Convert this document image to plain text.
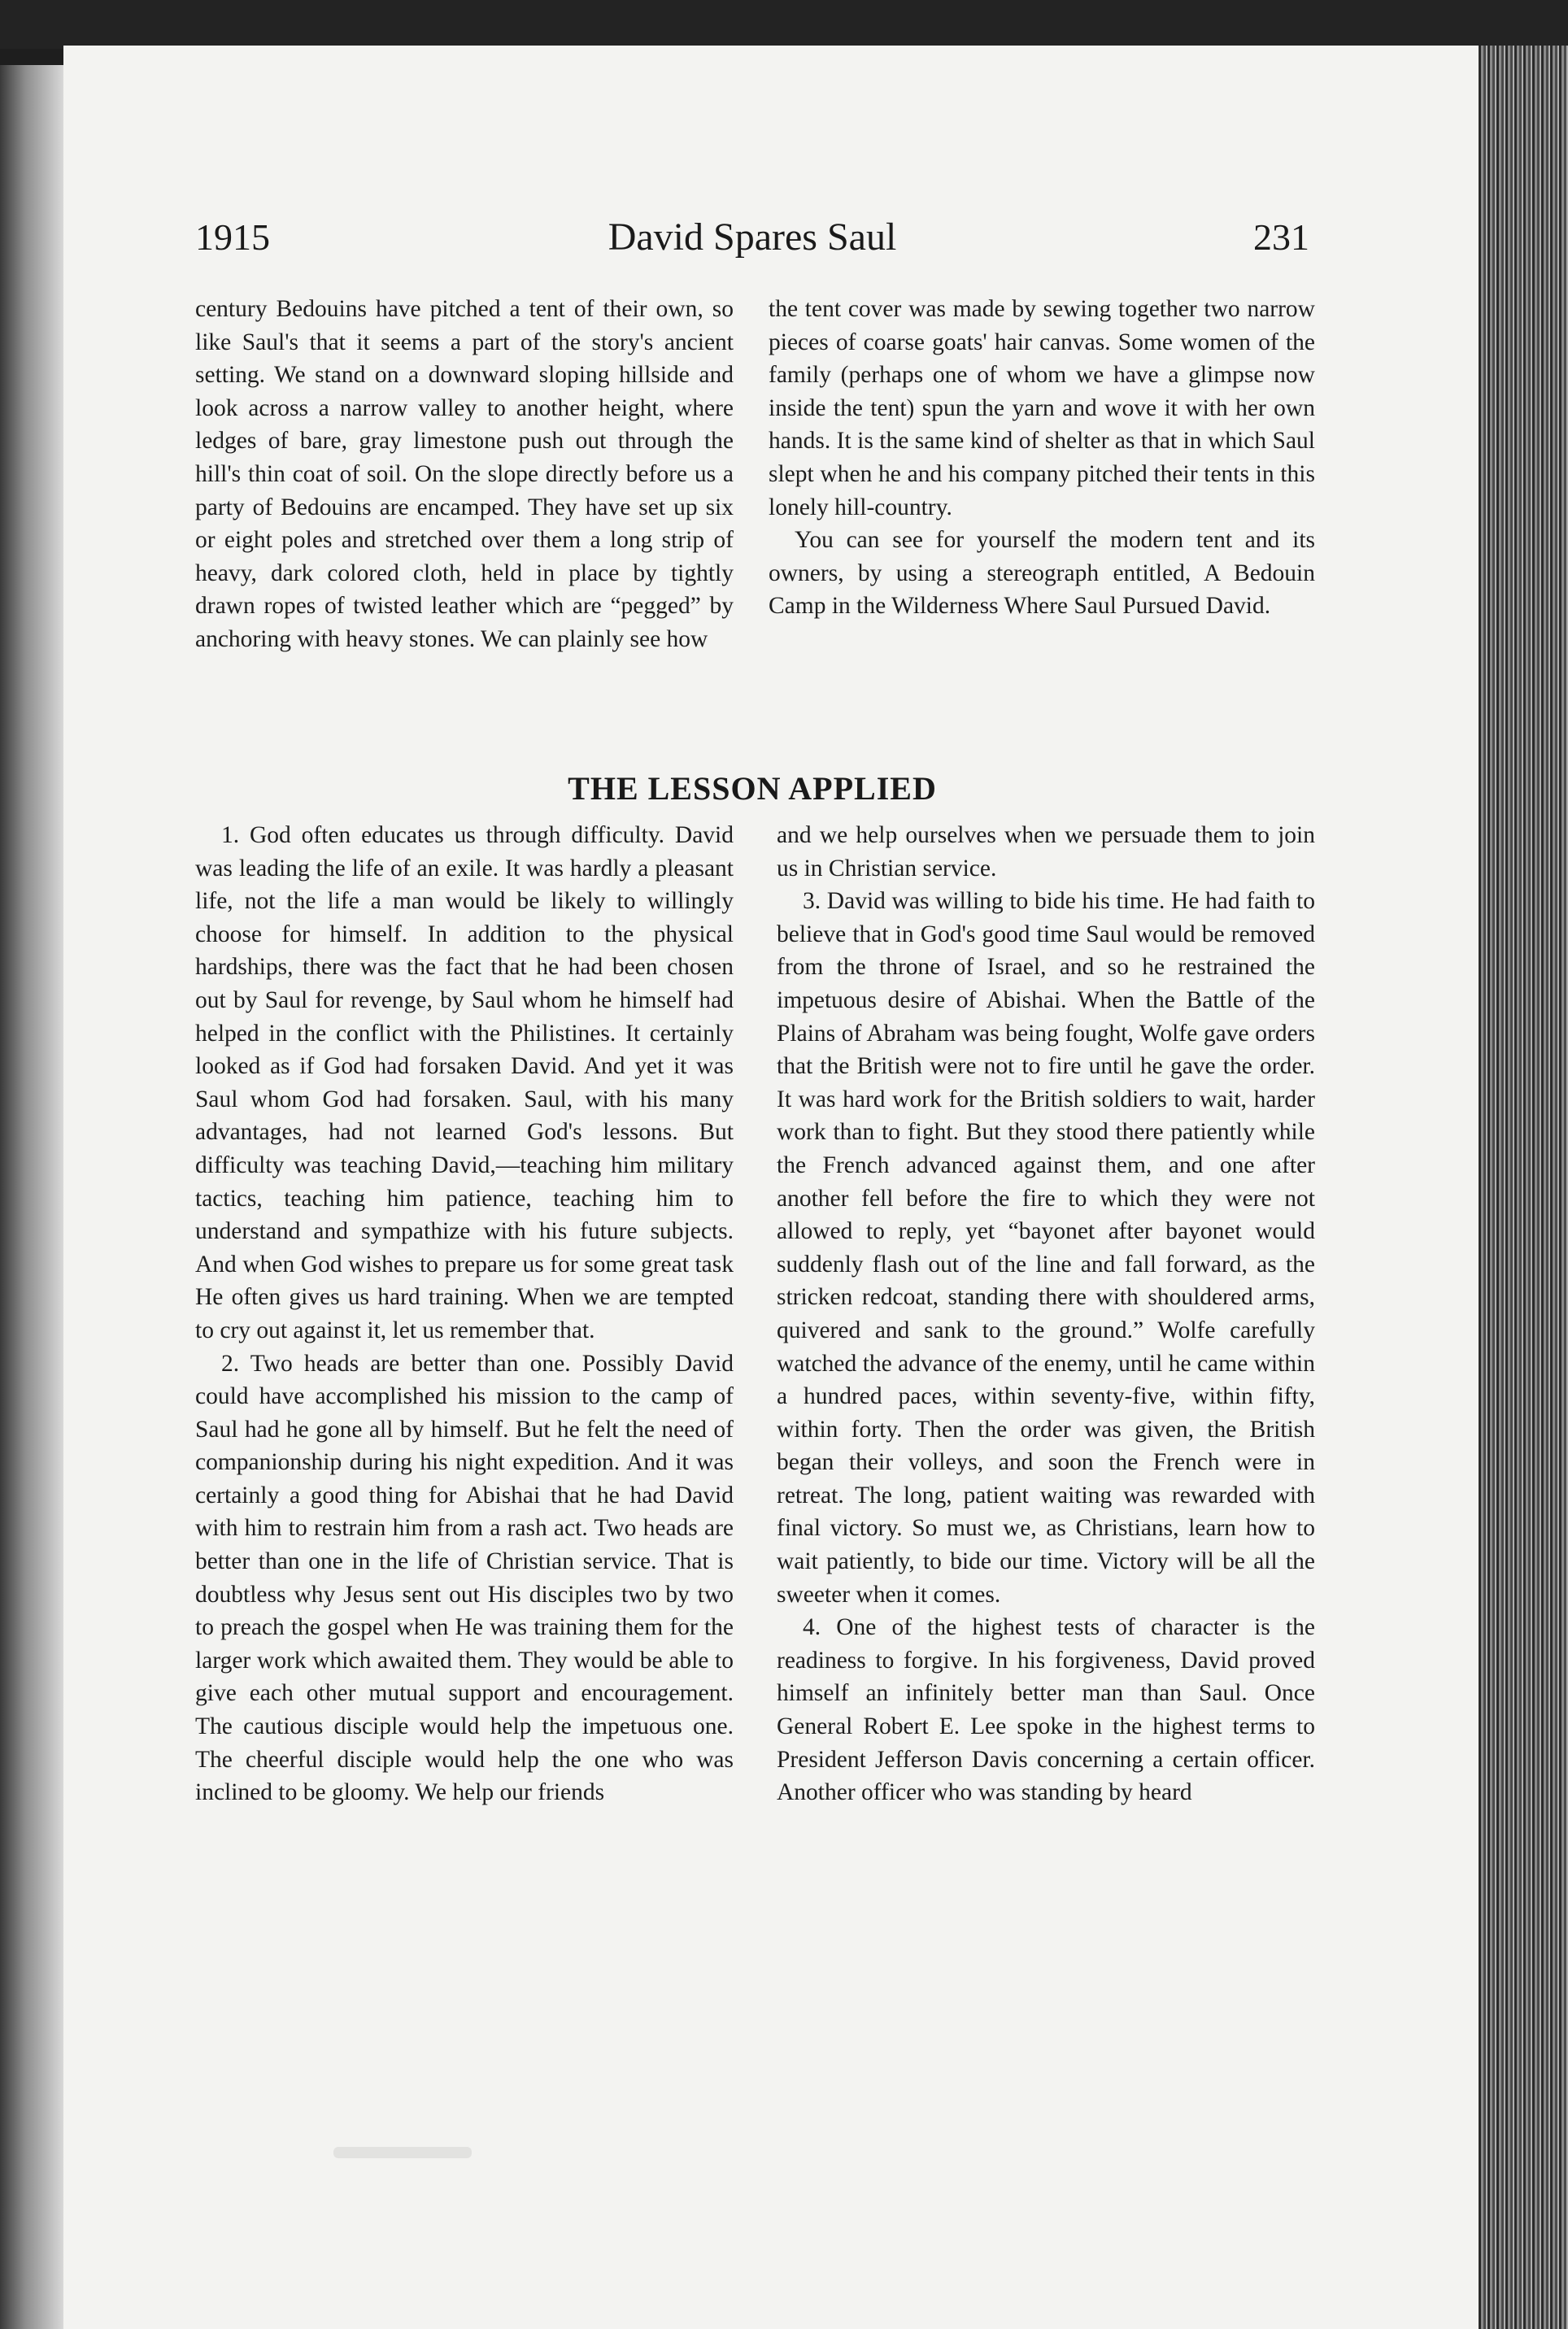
1915	David Spares Saul	231

century Bedouins have pitched a tent of their own, so like Saul's that it seems a part of the story's ancient setting. We stand on a downward sloping hillside and look across a narrow valley to another height, where ledges of bare, gray limestone push out through the hill's thin coat of soil. On the slope directly before us a party of Bedouins are encamped. They have set up six or eight poles and stretched over them a long strip of heavy, dark colored cloth, held in place by tightly drawn ropes of twisted leather which are “pegged” by anchoring with heavy stones. We can plainly see how

the tent cover was made by sewing together two narrow pieces of coarse goats' hair canvas. Some women of the family (perhaps one of whom we have a glimpse now inside the tent) spun the yarn and wove it with her own hands. It is the same kind of shelter as that in which Saul slept when he and his company pitched their tents in this lonely hill-country.

You can see for yourself the modern tent and its owners, by using a stereograph entitled, A Bedouin Camp in the Wilderness Where Saul Pursued David.

THE LESSON APPLIED

1. God often educates us through difficulty. David was leading the life of an exile. It was hardly a pleasant life, not the life a man would be likely to willingly choose for himself. In addition to the physical hardships, there was the fact that he had been chosen out by Saul for revenge, by Saul whom he himself had helped in the conflict with the Philistines. It certainly looked as if God had forsaken David. And yet it was Saul whom God had forsaken. Saul, with his many advantages, had not learned God's lessons. But difficulty was teaching David,—teaching him military tactics, teaching him patience, teaching him to understand and sympathize with his future subjects. And when God wishes to prepare us for some great task He often gives us hard training. When we are tempted to cry out against it, let us remember that.

2. Two heads are better than one. Possibly David could have accomplished his mission to the camp of Saul had he gone all by himself. But he felt the need of companionship during his night expedition. And it was certainly a good thing for Abishai that he had David with him to restrain him from a rash act. Two heads are better than one in the life of Christian service. That is doubtless why Jesus sent out His disciples two by two to preach the gospel when He was training them for the larger work which awaited them. They would be able to give each other mutual support and encouragement. The cautious disciple would help the impetuous one. The cheerful disciple would help the one who was inclined to be gloomy. We help our friends

and we help ourselves when we persuade them to join us in Christian service.

3. David was willing to bide his time. He had faith to believe that in God's good time Saul would be removed from the throne of Israel, and so he restrained the impetuous desire of Abishai. When the Battle of the Plains of Abraham was being fought, Wolfe gave orders that the British were not to fire until he gave the order. It was hard work for the British soldiers to wait, harder work than to fight. But they stood there patiently while the French advanced against them, and one after another fell before the fire to which they were not allowed to reply, yet “bayonet after bayonet would suddenly flash out of the line and fall forward, as the stricken redcoat, standing there with shouldered arms, quivered and sank to the ground.” Wolfe carefully watched the advance of the enemy, until he came within a hundred paces, within seventy-five, within fifty, within forty. Then the order was given, the British began their volleys, and soon the French were in retreat. The long, patient waiting was rewarded with final victory. So must we, as Christians, learn how to wait patiently, to bide our time. Victory will be all the sweeter when it comes.

4. One of the highest tests of character is the readiness to forgive. In his forgiveness, David proved himself an infinitely better man than Saul. Once General Robert E. Lee spoke in the highest terms to President Jefferson Davis concerning a certain officer. Another officer who was standing by heard
